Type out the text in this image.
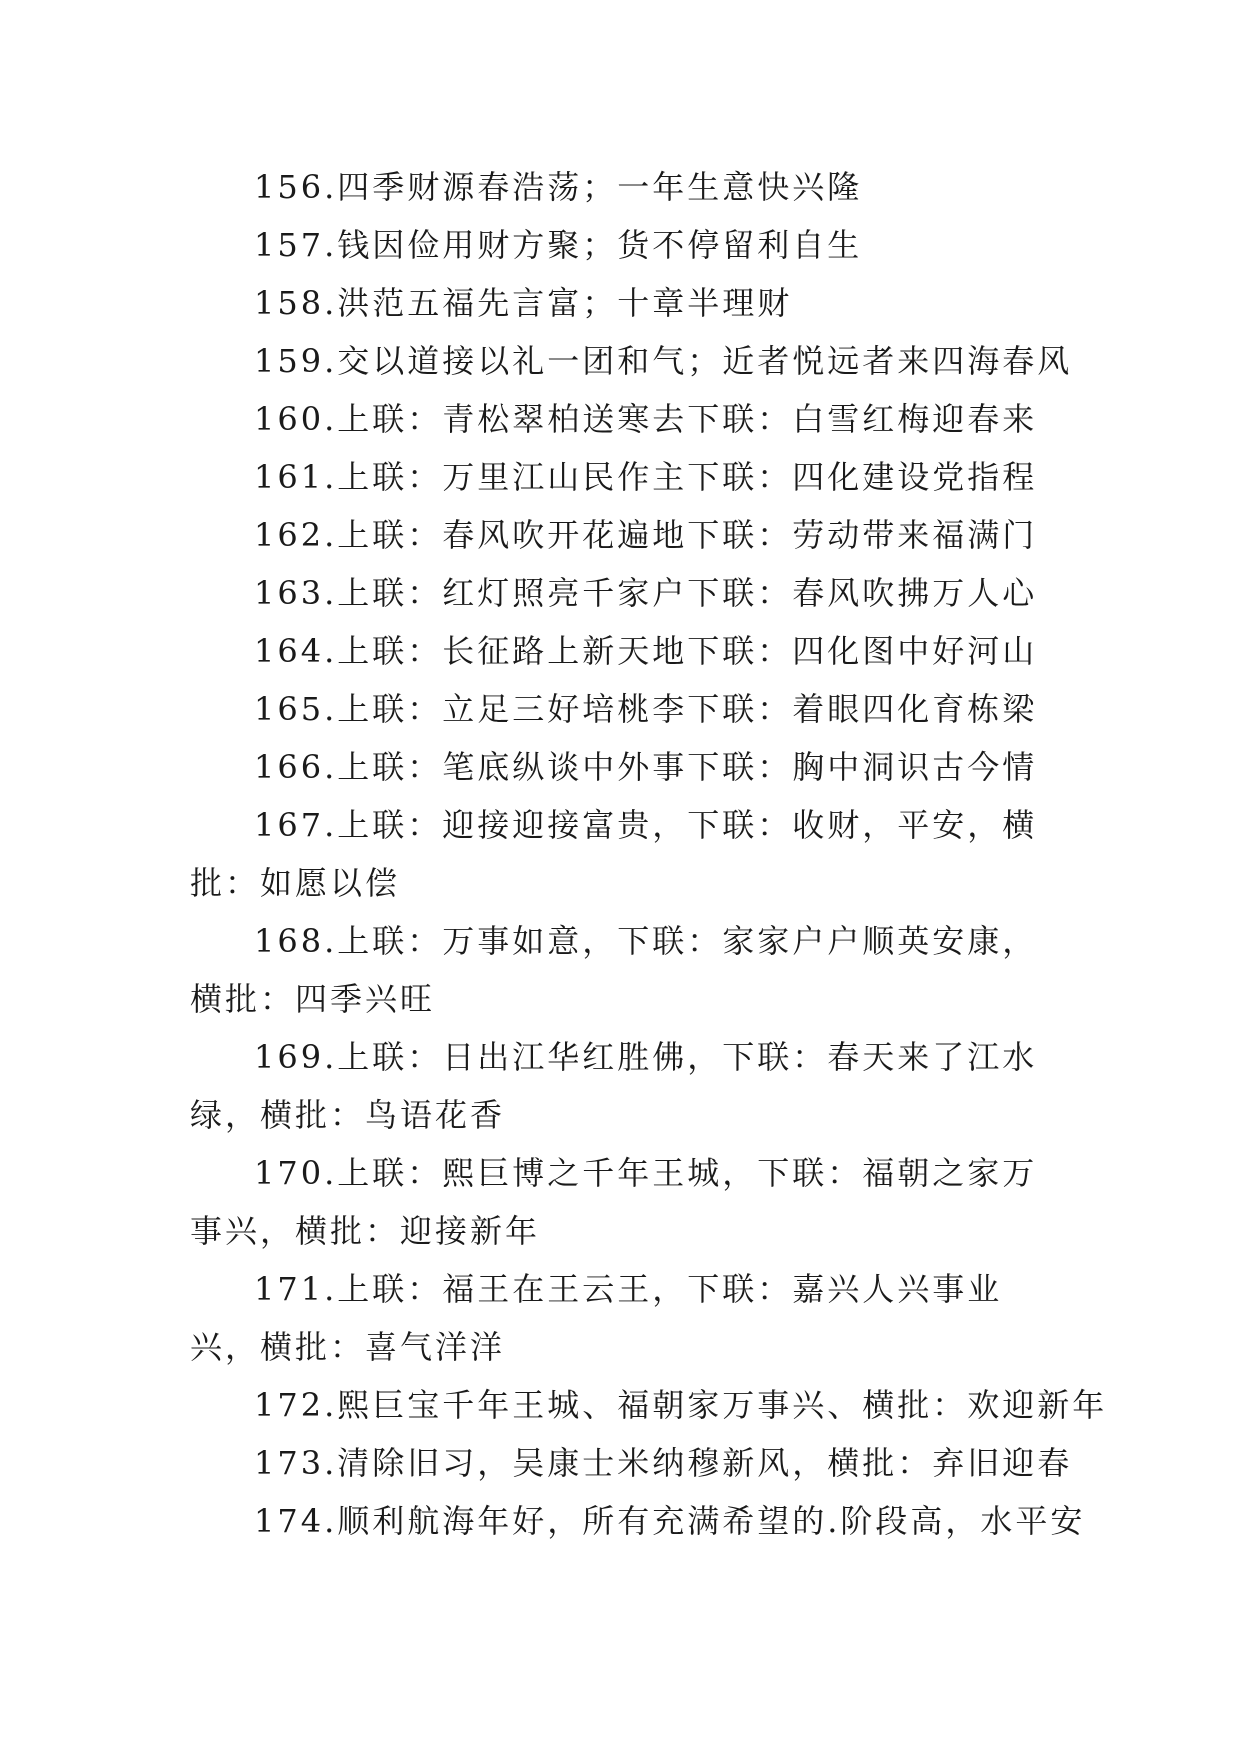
156.四季财源春浩荡；一年生意快兴隆

157.钱因俭用财方聚；货不停留利自生

158.洪范五福先言富；十章半理财

159.交以道接以礼一团和气；近者悦远者来四海春风

160.上联：青松翠柏送寒去下联：白雪红梅迎春来

161.上联：万里江山民作主下联：四化建设党指程

162.上联：春风吹开花遍地下联：劳动带来福满门

163.上联：红灯照亮千家户下联：春风吹拂万人心

164.上联：长征路上新天地下联：四化图中好河山

165.上联：立足三好培桃李下联：着眼四化育栋梁

166.上联：笔底纵谈中外事下联：胸中洞识古今情

167.上联：迎接迎接富贵，下联：收财，平安，横批：如愿以偿

168.上联：万事如意，下联：家家户户顺英安康，横批：四季兴旺

169.上联：日出江华红胜佛，下联：春天来了江水绿，横批：鸟语花香

170.上联：熙巨博之千年王城，下联：福朝之家万事兴，横批：迎接新年

171.上联：福王在王云王，下联：嘉兴人兴事业兴，横批：喜气洋洋

172.熙巨宝千年王城、福朝家万事兴、横批：欢迎新年

173.清除旧习，吴康士米纳穆新风，横批：弃旧迎春

174.顺利航海年好，所有充满希望的.阶段高，水平安
